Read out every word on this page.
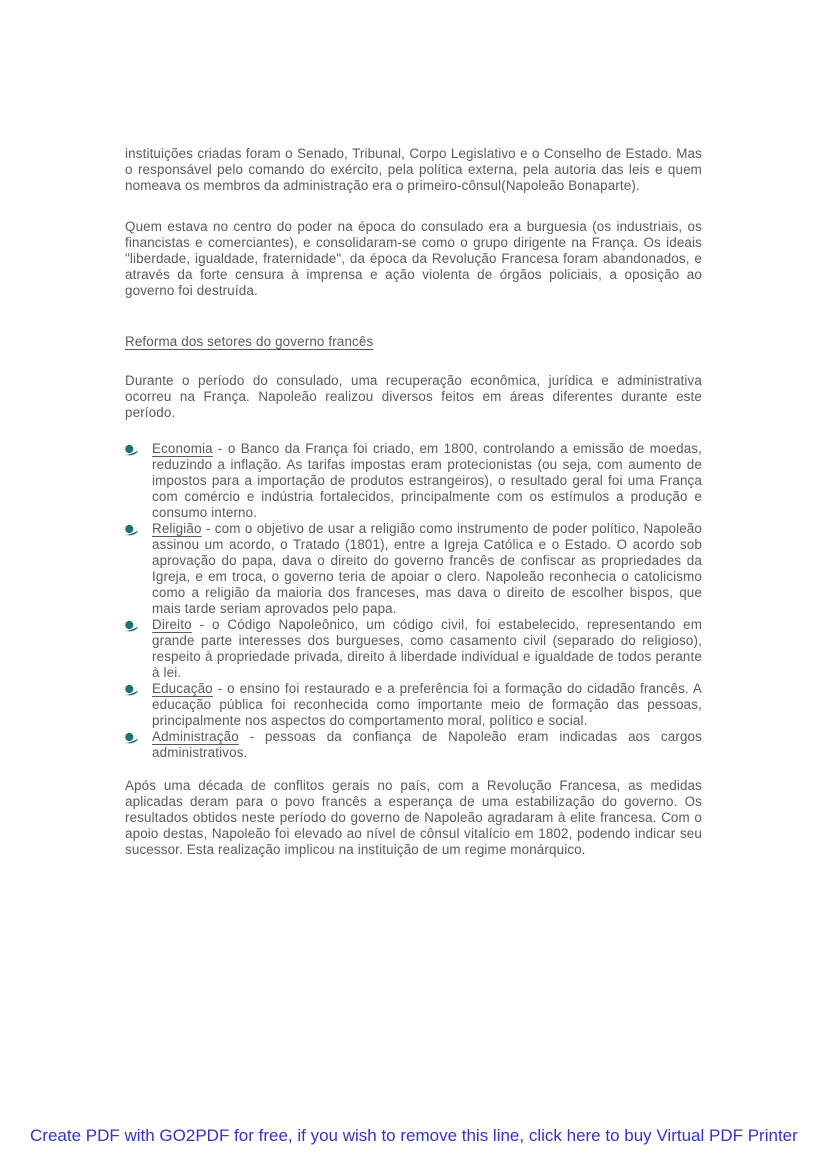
instituições criadas foram o Senado, Tribunal, Corpo Legislativo e o Conselho de Estado. Mas o responsável pelo comando do exército, pela política externa, pela autoria das leis e quem nomeava os membros da administração era o primeiro-cônsul(Napoleão Bonaparte).

Quem estava no centro do poder na época do consulado era a burguesia (os industriais, os financistas e comerciantes), e consolidaram-se como o grupo dirigente na França. Os ideais "liberdade, igualdade, fraternidade", da época da Revolução Francesa foram abandonados, e através da forte censura à imprensa e ação violenta de órgãos policiais, a oposição ao governo foi destruída.

Reforma dos setores do governo francês

Durante o período do consulado, uma recuperação econômica, jurídica e administrativa ocorreu na França. Napoleão realizou diversos feitos em áreas diferentes durante este período.

Economia - o Banco da França foi criado, em 1800, controlando a emissão de moedas, reduzindo a inflação. As tarifas impostas eram protecionistas (ou seja, com aumento de impostos para a importação de produtos estrangeiros), o resultado geral foi uma França com comércio e indústria fortalecidos, principalmente com os estímulos a produção e consumo interno.
Religião - com o objetivo de usar a religião como instrumento de poder político, Napoleão assinou um acordo, o Tratado (1801), entre a Igreja Católica e o Estado. O acordo sob aprovação do papa, dava o direito do governo francês de confiscar as propriedades da Igreja, e em troca, o governo teria de apoiar o clero. Napoleão reconhecia o catolicismo como a religião da maioria dos franceses, mas dava o direito de escolher bispos, que mais tarde seriam aprovados pelo papa.
Direito - o Código Napoleônico, um código civil, foi estabelecido, representando em grande parte interesses dos burgueses, como casamento civil (separado do religioso), respeito à propriedade privada, direito à liberdade individual e igualdade de todos perante à lei.
Educação - o ensino foi restaurado e a preferência foi a formação do cidadão francês. A educação pública foi reconhecida como importante meio de formação das pessoas, principalmente nos aspectos do comportamento moral, político e social.
Administração - pessoas da confiança de Napoleão eram indicadas aos cargos administrativos.

Após uma década de conflitos gerais no país, com a Revolução Francesa, as medidas aplicadas deram para o povo francês a esperança de uma estabilização do governo. Os resultados obtidos neste período do governo de Napoleão agradaram à elite francesa. Com o apoio destas, Napoleão foi elevado ao nível de cônsul vitalício em 1802, podendo indicar seu sucessor. Esta realização implicou na instituição de um regime monárquico.

Create PDF with GO2PDF for free, if you wish to remove this line, click here to buy Virtual PDF Printer
